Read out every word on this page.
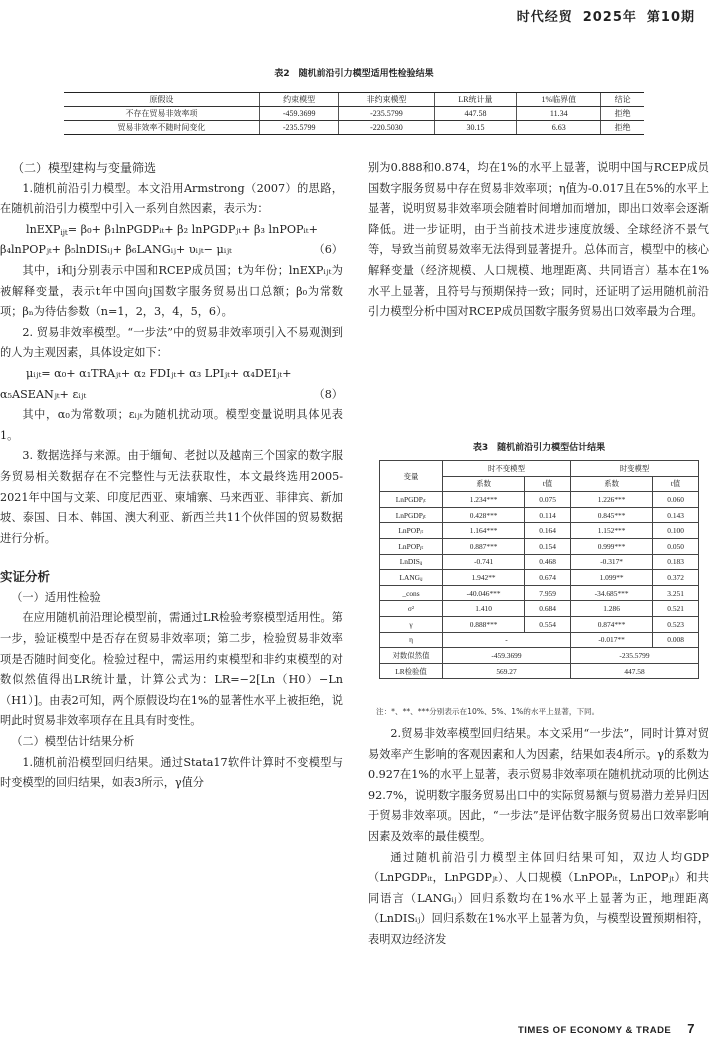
时代经贸 2025年 第10期
表2　随机前沿引力模型适用性检验结果
原假设	约束模型	非约束模型	LR统计量	1%临界值	结论
不存在贸易非效率项	-459.3699	-235.5799	447.58	11.34	拒绝
贸易非效率不随时间变化	-235.5799	-220.5030	30.15	6.63	拒绝

（二）模型建构与变量筛选

1.随机前沿引力模型。本文沿用Armstrong（2007）的思路，在随机前沿引力模型中引入一系列自然因素，表示为：

lnEXP$_{ijt}$= β₀+ β₁lnPGDPᵢₜ+ β₂ lnPGDPⱼₜ+ β₃ lnPOPᵢₜ+

β₄lnPOPⱼₜ+ β₅lnDISᵢⱼ+ β₆LANGᵢⱼ+ υᵢⱼₜ− μᵢⱼₜ	（6）

其中，i和j分别表示中国和RCEP成员国；t为年份；lnEXPᵢⱼₜ为被解释变量，表示t年中国向j国数字服务贸易出口总额；β₀为常数项；βₙ为待估参数（n=1，2，3，4，5，6）。

2. 贸易非效率模型。“一步法”中的贸易非效率项引入不易观测到的人为主观因素，具体设定如下：

μᵢⱼₜ= α₀+ α₁TRAⱼₜ+ α₂ FDIⱼₜ+ α₃ LPIⱼₜ+ α₄DEIⱼₜ+

α₅ASEANⱼₜ+ εᵢⱼₜ	（8）

其中，α₀为常数项；εᵢⱼₜ为随机扰动项。模型变量说明具体见表1。

3. 数据选择与来源。由于缅甸、老挝以及越南三个国家的数字服务贸易相关数据存在不完整性与无法获取性，本文最终选用2005-2021年中国与文莱、印度尼西亚、柬埔寨、马来西亚、菲律宾、新加坡、泰国、日本、韩国、澳大利亚、新西兰共11个伙伴国的贸易数据进行分析。

实证分析

（一）适用性检验

在应用随机前沿理论模型前，需通过LR检验考察模型适用性。第一步，验证模型中是否存在贸易非效率项；第二步，检验贸易非效率项是否随时间变化。检验过程中，需运用约束模型和非约束模型的对数似然值得出LR统计量，计算公式为：LR=−2[Ln（H0）−Ln（H1）]。由表2可知，两个原假设均在1%的显著性水平上被拒绝，说明此时贸易非效率项存在且具有时变性。

（二）模型估计结果分析

1.随机前沿模型回归结果。通过Stata17软件计算时不变模型与时变模型的回归结果，如表3所示，γ值分

别为0.888和0.874，均在1%的水平上显著，说明中国与RCEP成员国数字服务贸易中存在贸易非效率项；η值为-0.017且在5%的水平上显著，说明贸易非效率项会随着时间增加而增加，即出口效率会逐渐降低。进一步证明，由于当前技术进步速度放缓、全球经济不景气等，导致当前贸易效率无法得到显著提升。总体而言，模型中的核心解释变量（经济规模、人口规模、地理距离、共同语言）基本在1%水平上显著，且符号与预期保持一致；同时，还证明了运用随机前沿引力模型分析中国对RCEP成员国数字服务贸易出口效率最为合理。

表3　随机前沿引力模型估计结果
变量	时不变模型		时变模型	
	系数	t值	系数	t值
LnPGDPᵢₜ	1.234***	0.075	1.226***	0.060
LnPGDPⱼₜ	0.428***	0.114	0.845***	0.143
LnPOPᵢₜ	1.164***	0.164	1.152***	0.100
LnPOPⱼₜ	0.887***	0.154	0.999***	0.050
LnDISᵢⱼ	-0.741	0.468	-0.317*	0.183
LANGᵢⱼ	1.942**	0.674	1.099**	0.372
_cons	-40.046***	7.959	-34.685***	3.251
σ²	1.410	0.684	1.286	0.521
γ	0.888***	0.554	0.874***	0.523
η	-		-0.017**	0.008
对数似然值	-459.3699		-235.5799	
LR检验值	569.27		447.58	
注：*、**、***分别表示在10%、5%、1%的水平上显著，下同。

2.贸易非效率模型回归结果。本文采用“一步法”，同时计算对贸易效率产生影响的客观因素和人为因素，结果如表4所示。γ的系数为0.927在1%的水平上显著，表示贸易非效率项在随机扰动项的比例达92.7%，说明数字服务贸易出口中的实际贸易额与贸易潜力差异归因于贸易非效率项。因此，“一步法”是评估数字服务贸易出口效率影响因素及效率的最佳模型。

通过随机前沿引力模型主体回归结果可知，双边人均GDP（LnPGDPᵢₜ，LnPGDPⱼₜ）、人口规模（LnPOPᵢₜ，LnPOPⱼₜ）和共同语言（LANGᵢⱼ）回归系数均在1%水平上显著为正，地理距离（LnDISᵢⱼ）回归系数在1%水平上显著为负，与模型设置预期相符，表明双边经济发

TIMES OF ECONOMY & TRADE 7
